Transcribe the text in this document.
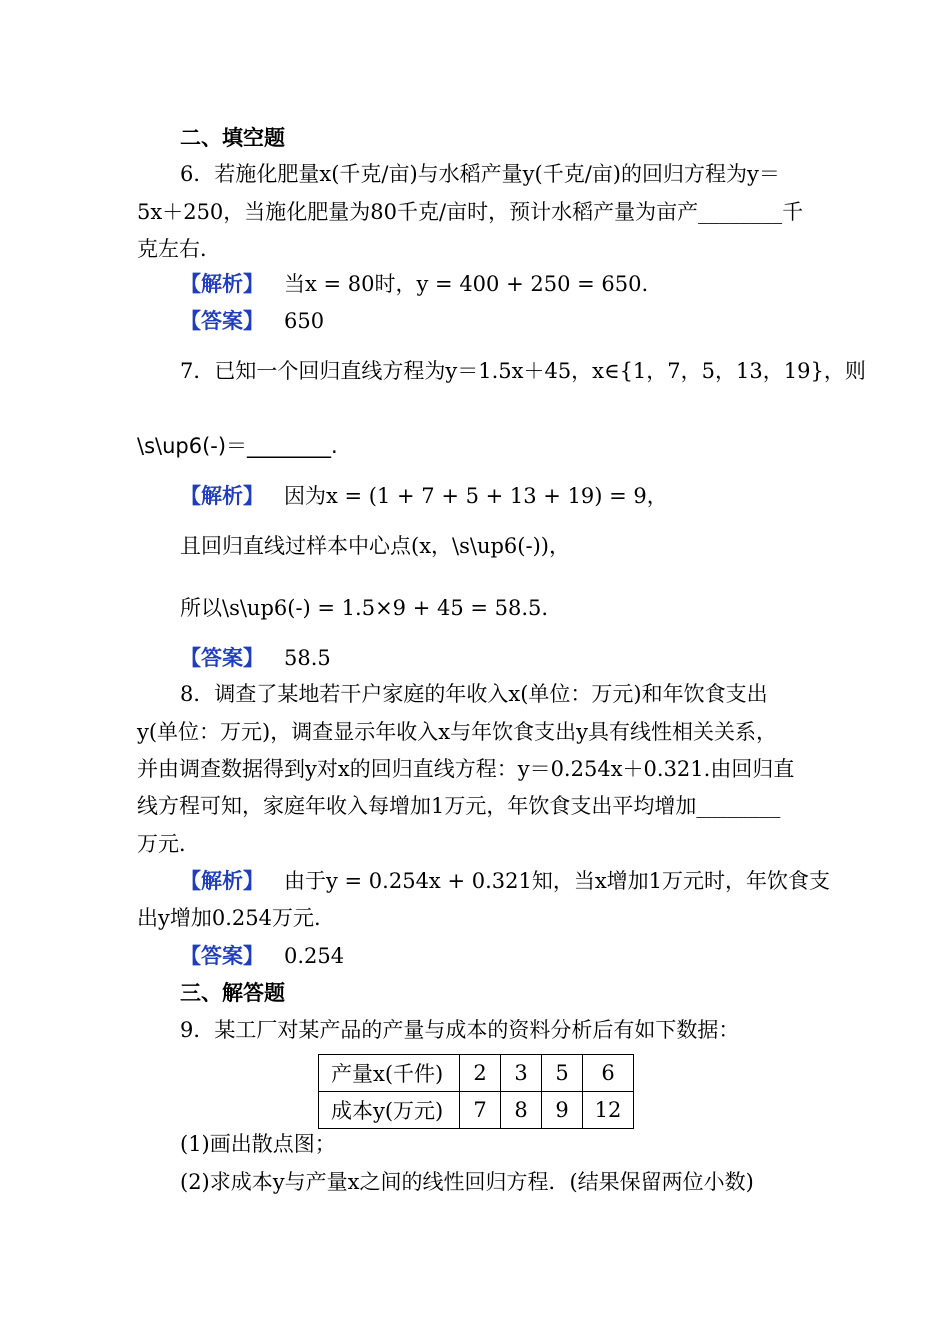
二、填空题
6．若施化肥量x(千克/亩)与水稻产量y(千克/亩)的回归方程为y＝
5x＋250，当施化肥量为80千克/亩时，预计水稻产量为亩产________千
克左右．
【解析】 当x = 80时，y = 400 + 250 = 650.
【答案】 650
7．已知一个回归直线方程为y＝1.5x＋45，x∈{1，7，5，13，19}，则
\s\up6(-)＝________.
【解析】 因为x = (1 + 7 + 5 + 13 + 19) = 9，
且回归直线过样本中心点(x，\s\up6(-))，
所以\s\up6(-) = 1.5×9 + 45 = 58.5.
【答案】 58.5
8．调查了某地若干户家庭的年收入x(单位：万元)和年饮食支出
y(单位：万元)，调查显示年收入x与年饮食支出y具有线性相关关系，
并由调查数据得到y对x的回归直线方程：y＝0.254x＋0.321.由回归直
线方程可知，家庭年收入每增加1万元，年饮食支出平均增加________
万元．
【解析】 由于y = 0.254x + 0.321知，当x增加1万元时，年饮食支
出y增加0.254万元.
【答案】 0.254
三、解答题
9．某工厂对某产品的产量与成本的资料分析后有如下数据：
产量x(千件)	2	3	5	6
成本y(万元)	7	8	9	12
(1)画出散点图；
(2)求成本y与产量x之间的线性回归方程．(结果保留两位小数)
